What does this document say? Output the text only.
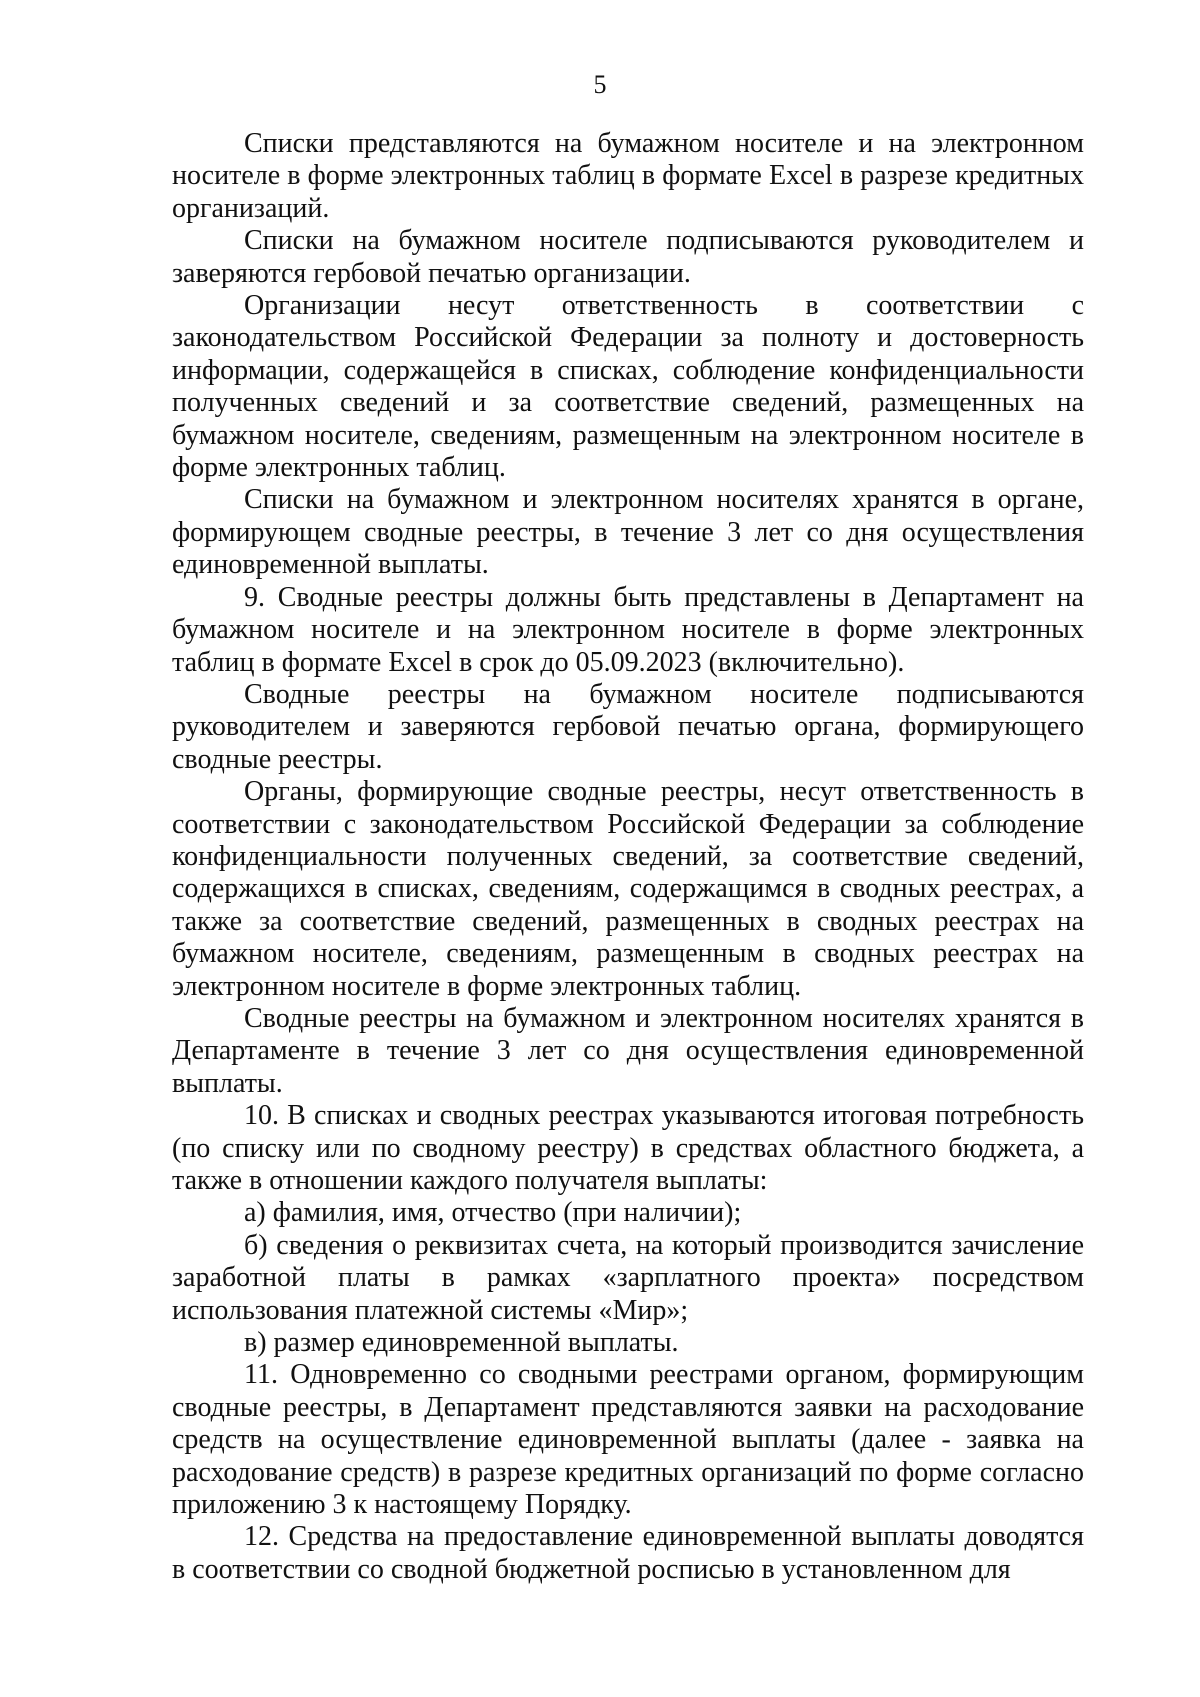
5

Списки представляются на бумажном носителе и на электронном носителе в форме электронных таблиц в формате Excel в разрезе кредитных организаций.

Списки на бумажном носителе подписываются руководителем и заверяются гербовой печатью организации.

Организации несут ответственность в соответствии с законодательством Российской Федерации за полноту и достоверность информации, содержащейся в списках, соблюдение конфиденциальности полученных сведений и за соответствие сведений, размещенных на бумажном носителе, сведениям, размещенным на электронном носителе в форме электронных таблиц.

Списки на бумажном и электронном носителях хранятся в органе, формирующем сводные реестры, в течение 3 лет со дня осуществления единовременной выплаты.

9. Сводные реестры должны быть представлены в Департамент на бумажном носителе и на электронном носителе в форме электронных таблиц в формате Excel в срок до 05.09.2023 (включительно).

Сводные реестры на бумажном носителе подписываются руководителем и заверяются гербовой печатью органа, формирующего сводные реестры.

Органы, формирующие сводные реестры, несут ответственность в соответствии с законодательством Российской Федерации за соблюдение конфиденциальности полученных сведений, за соответствие сведений, содержащихся в списках, сведениям, содержащимся в сводных реестрах, а также за соответствие сведений, размещенных в сводных реестрах на бумажном носителе, сведениям, размещенным в сводных реестрах на электронном носителе в форме электронных таблиц.

Сводные реестры на бумажном и электронном носителях хранятся в Департаменте в течение 3 лет со дня осуществления единовременной выплаты.

10. В списках и сводных реестрах указываются итоговая потребность (по списку или по сводному реестру) в средствах областного бюджета, а также в отношении каждого получателя выплаты:

а) фамилия, имя, отчество (при наличии);

б) сведения о реквизитах счета, на который производится зачисление заработной платы в рамках «зарплатного проекта» посредством использования платежной системы «Мир»;

в) размер единовременной выплаты.

11. Одновременно со сводными реестрами органом, формирующим сводные реестры, в Департамент представляются заявки на расходование средств на осуществление единовременной выплаты (далее - заявка на расходование средств) в разрезе кредитных организаций по форме согласно приложению 3 к настоящему Порядку.

12. Средства на предоставление единовременной выплаты доводятся в соответствии со сводной бюджетной росписью в установленном для
